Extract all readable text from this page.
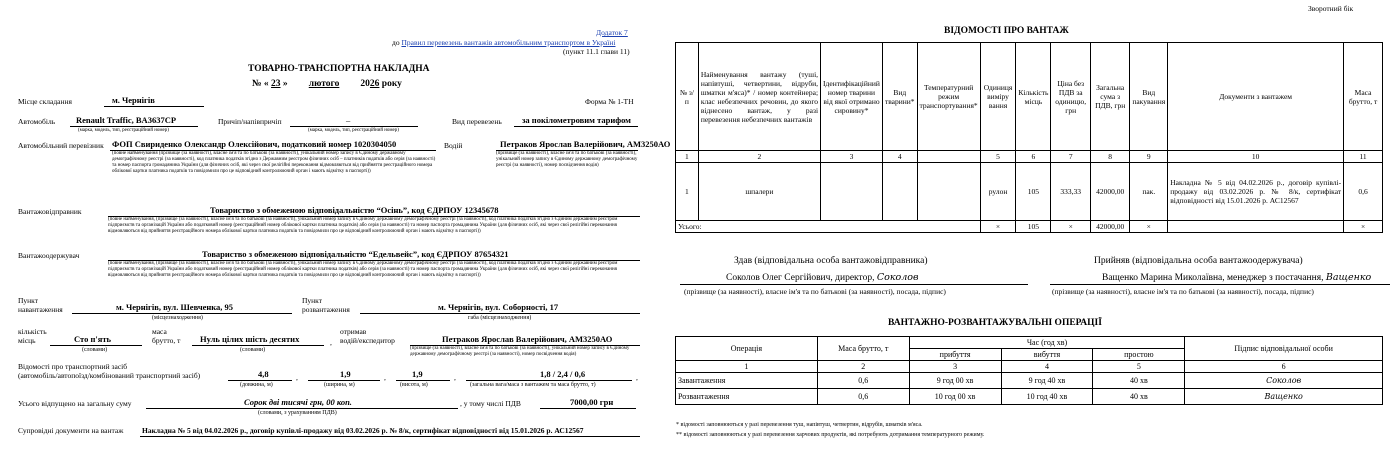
Додаток 7
до Правил перевезень вантажів автомобільним транспортом в Україні
(пункт 11.1 глави 11)
ТОВАРНО-ТРАНСПОРТНА НАКЛАДНА
№ « 23 » лютого 2026 року
Місце складання	м. Чернігів	Форма № 1-ТН
Автомобіль Renault Traffic, BA3637CP
(марка, модель, тип, реєстраційний номер)
Причіп/напівпричіп	–
(марка, модель, тип, реєстраційний номер)
Вид перевезень за покілометровим тарифом
Автомобільний перевізник ФОП Свириденко Олександр Олексійович, податковий номер 1020304050
(повне найменування (прізвище (за наявності), власне ім'я та по батькові (за наявності), унікальний номер запису в Єдиному державному демографічному реєстрі (за наявності), код платника податків згідно з Державним реєстром фізичних осіб – платників податків або серія (за наявності) та номер паспорта громадянина України (для фізичних осіб, які через свої релігійні переконання відмовляються від прийняття реєстраційного номера облікової картки платника податків та повідомили про це відповідний контролюючий орган і мають відмітку в паспорті))
Водій	Петраков Ярослав Валерійович, АМ3250АО
(прізвище (за наявності), власне ім'я та по батькові (за наявності), унікальний номер запису в Єдиному державному демографічному реєстрі (за наявності), номер посвідчення водія)
Вантажовідправник	Товариство з обмеженою відповідальністю “Осінь”, код ЄДРПОУ 12345678
(повне найменування, (прізвище (за наявності), власне ім'я та по батькові (за наявності), унікальний номер запису в Єдиному державному демографічному реєстрі (за наявності), код платника податків згідно з Єдиним державним реєстром підприємств та організацій України або податковий номер (реєстраційний номер облікової картки платника податків) або серія (за наявності) та номер паспорта громадянина України (для фізичних осіб, які через свої релігійні переконання відмовляються від прийняття реєстраційного номера облікової картки платника податків та повідомили про це відповідний контролюючий орган і мають відмітку в паспорті))
Вантажоодержувач	Товариство з обмеженою відповідальністю “Едельвейс”, код ЄДРПОУ 87654321
(повне найменування, (прізвище (за наявності), власне ім'я та по батькові (за наявності), унікальний номер запису в Єдиному державному демографічному реєстрі (за наявності), код платника податків згідно з Єдиним державним реєстром підприємств та організацій України або податковий номер (реєстраційний номер облікової картки платника податків) або серія (за наявності) та номер паспорта громадянина України (для фізичних осіб, які через свої релігійні переконання відмовляються від прийняття реєстраційного номера облікової картки платника податків та повідомили про це відповідний контролюючий орган і мають відмітку в паспорті))
Пункт
навантаження	м. Чернігів, вул. Шевченка, 95
(місцезнаходження)
Пункт
розвантаження	м. Чернігів, вул. Соборності, 17
габа (місцезнаходження)
кількість
місць	Сто п'ять
(словами)
маса
брутто, т Нуль цілих шість десятих
(словами)
,
отримав
водій/експедитор	Петраков Ярослав Валерійович, АМ3250АО
(прізвище (за наявності), власне ім'я та по батькові (за наявності), унікальний номер запису в Єдиному державному демографічному реєстрі (за наявності), номер посвідчення водія)
Відомості про транспортний засіб
(автомобіль/автопоїзд/комбінований транспортний засіб)	4,8
(довжина, м)
,	1,9
(ширина, м)
,	1,9
(висота, м)
,	1,8 / 2,4 / 0,6
(загальна вага/маса з вантажем та маса брутто, т)
,
Усього відпущено на загальну суму	Сорок дві тисячі грн, 00 коп.
(словами, з урахуванням ПДВ)
, у тому числі ПДВ	7000,00 грн
Супровідні документи на вантаж Накладна № 5 від 04.02.2026 р., договір купівлі-продажу від 03.02.2026 р. № 8/к, сертифікат відповідності від 15.01.2026 р. АС12567
Зворотний бік
ВІДОМОСТІ ПРО ВАНТАЖ
№ з/п	Найменування вантажу (туші, напівтуші, четвертини, відруби, шматки м'яса)* / номер контейнера; клас небезпечних речовин, до якого віднесено вантаж, у разі перевезення небезпечних вантажів	Ідентифікаційний номер тварини від якої отримано сировину*	Вид тварини*	Температурний режим транспортування*	Одиниця виміру вання	Кількість місць	Ціна без ПДВ за одиницю, грн	Загальна сума з ПДВ, грн	Вид пакування	Документи з вантажем	Маса брутто, т
1	2	3	4		5	6	7	8	9	10	11
1	шпалери				рулон	105	333,33	42000,00	пак.	Накладна № 5 від 04.02.2026 р., договір купівлі-продажу від 03.02.2026 р. № 8/к, сертифікат відповідності від 15.01.2026 р. АС12567	0,6
Усього:					×	105	×	42000,00	×		×
Здав (відповідальна особа вантажовідправника)
Соколов Олег Сергійович, директор, Соколов
(прізвище (за наявності), власне ім'я та по батькові (за наявності), посада, підпис)
Прийняв (відповідальна особа вантажоодержувача)
Ващенко Марина Миколаївна, менеджер з постачання, Ващенко
(прізвище (за наявності), власне ім'я та по батькові (за наявності), посада, підпис)
ВАНТАЖНО-РОЗВАНТАЖУВАЛЬНІ ОПЕРАЦІЇ
Операція	Маса брутто, т	Час (год хв)			Підпис відповідальної особи
		прибуття	вибуття	простою	
1	2	3	4	5	6
Завантаження	0,6	9 год 00 хв	9 год 40 хв	40 хв	Соколов
Розвантаження	0,6	10 год 00 хв	10 год 40 хв	40 хв	Ващенко
* відомості заповнюються у разі перевезення туш, напівтуш, четвертин, відрубів, шматків м'яса.
** відомості заповнюються у разі перевезення харчових продуктів, які потребують дотримання температурного режиму.
